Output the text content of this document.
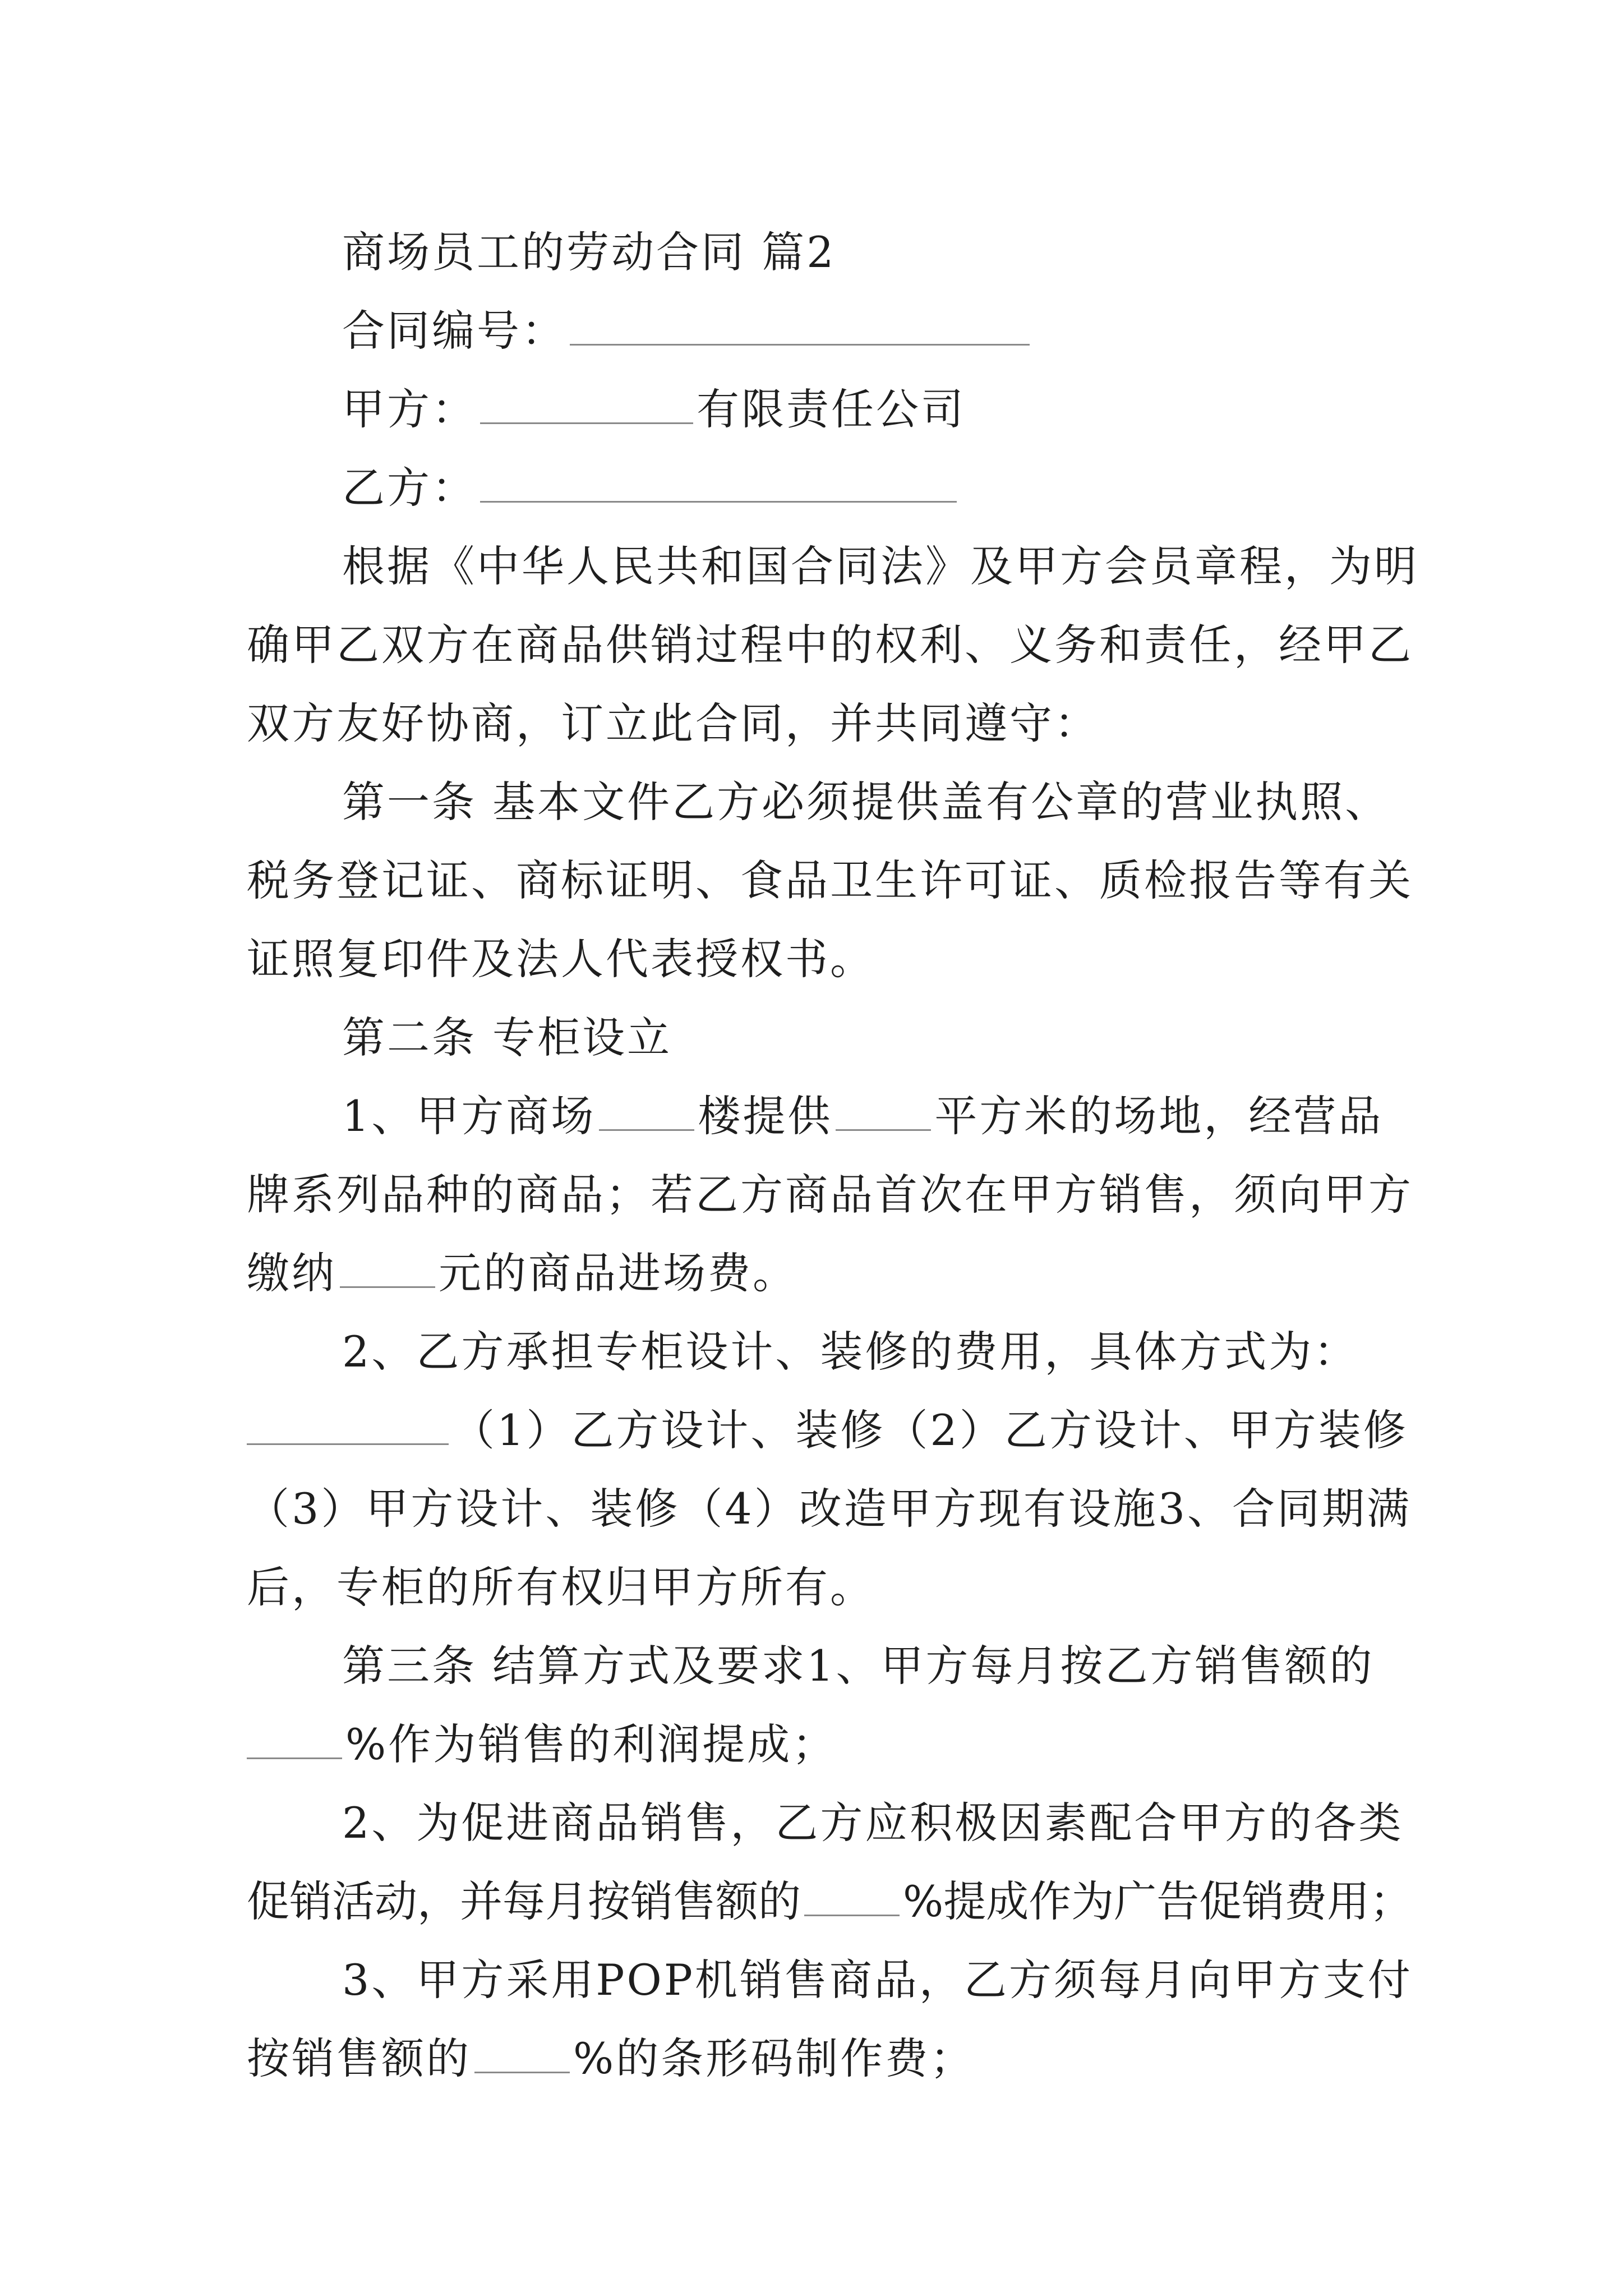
商场员工的劳动合同 篇2
合同编号：
甲方：	有限责任公司
乙方：
根据《中华人民共和国合同法》及甲方会员章程，为明
确甲乙双方在商品供销过程中的权利、义务和责任，经甲乙
双方友好协商，订立此合同，并共同遵守：
第一条 基本文件乙方必须提供盖有公章的营业执照、
税务登记证、商标证明、食品卫生许可证、质检报告等有关
证照复印件及法人代表授权书。
第二条 专柜设立
1、甲方商场 楼提供 平方米的场地，经营品
牌系列品种的商品；若乙方商品首次在甲方销售，须向甲方
缴纳 元的商品进场费。
2、乙方承担专柜设计、装修的费用，具体方式为：
（1）乙方设计、装修（2）乙方设计、甲方装修
（3）甲方设计、装修（4）改造甲方现有设施3、合同期满
后，专柜的所有权归甲方所有。
第三条 结算方式及要求1、甲方每月按乙方销售额的
%作为销售的利润提成；
2、为促进商品销售，乙方应积极因素配合甲方的各类
促销活动，并每月按销售额的 %提成作为广告促销费用；
3、甲方采用POP机销售商品，乙方须每月向甲方支付
按销售额的 %的条形码制作费；
